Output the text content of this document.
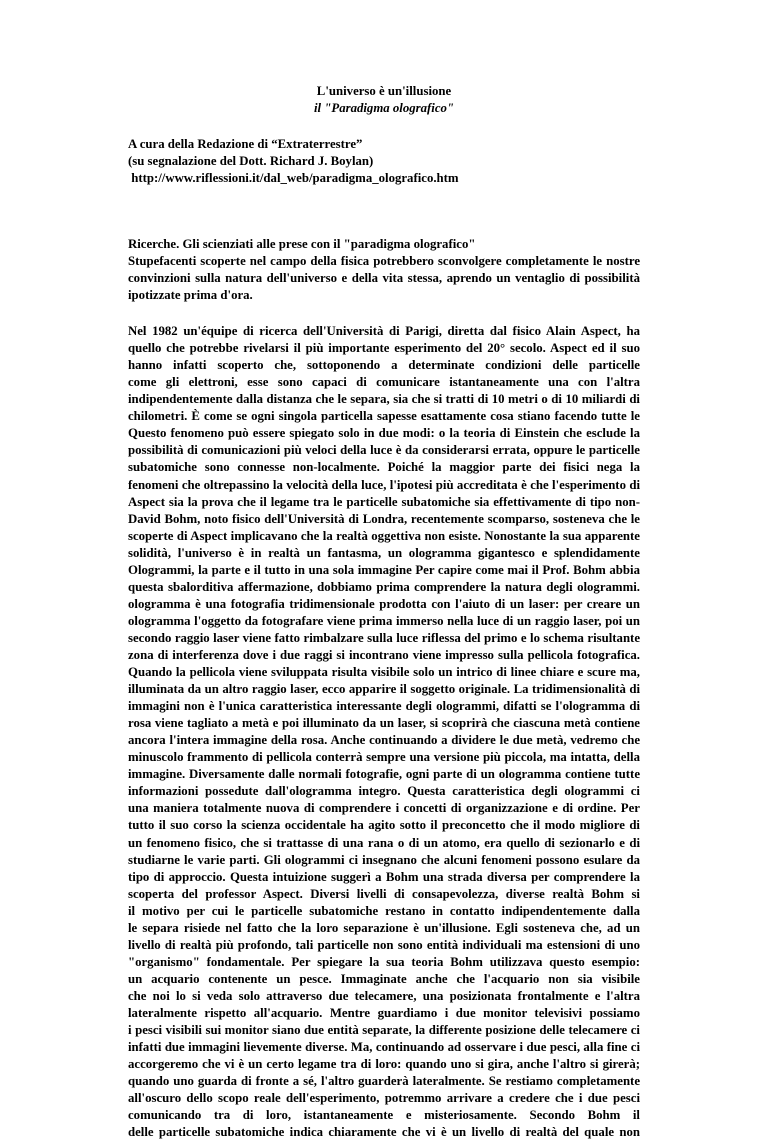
L'universo è un'illusione
il "Paradigma olografico"
A cura della Redazione di “Extraterrestre”
(su segnalazione del Dott. Richard J. Boylan)
http://www.riflessioni.it/dal_web/paradigma_olografico.htm
Ricerche. Gli scienziati alle prese con il "paradigma olografico"
Stupefacenti scoperte nel campo della fisica potrebbero sconvolgere completamente le nostre
convinzioni sulla natura dell'universo e della vita stessa, aprendo un ventaglio di possibilità
ipotizzate prima d'ora.
Nel 1982 un'équipe di ricerca dell'Università di Parigi, diretta dal fisico Alain Aspect, ha
quello che potrebbe rivelarsi il più importante esperimento del 20° secolo. Aspect ed il suo
hanno infatti scoperto che, sottoponendo a determinate condizioni delle particelle
come gli elettroni, esse sono capaci di comunicare istantaneamente una con l'altra
indipendentemente dalla distanza che le separa, sia che si tratti di 10 metri o di 10 miliardi di
chilometri. È come se ogni singola particella sapesse esattamente cosa stiano facendo tutte le
Questo fenomeno può essere spiegato solo in due modi: o la teoria di Einstein che esclude la
possibilità di comunicazioni più veloci della luce è da considerarsi errata, oppure le particelle
subatomiche sono connesse non-localmente. Poiché la maggior parte dei fisici nega la
fenomeni che oltrepassino la velocità della luce, l'ipotesi più accreditata è che l'esperimento di
Aspect sia la prova che il legame tra le particelle subatomiche sia effettivamente di tipo non-
David Bohm, noto fisico dell'Università di Londra, recentemente scomparso, sosteneva che le
scoperte di Aspect implicavano che la realtà oggettiva non esiste. Nonostante la sua apparente
solidità, l'universo è in realtà un fantasma, un ologramma gigantesco e splendidamente
Ologrammi, la parte e il tutto in una sola immagine Per capire come mai il Prof. Bohm abbia
questa sbalorditiva affermazione, dobbiamo prima comprendere la natura degli ologrammi.
ologramma è una fotografia tridimensionale prodotta con l'aiuto di un laser: per creare un
ologramma l'oggetto da fotografare viene prima immerso nella luce di un raggio laser, poi un
secondo raggio laser viene fatto rimbalzare sulla luce riflessa del primo e lo schema risultante
zona di interferenza dove i due raggi si incontrano viene impresso sulla pellicola fotografica.
Quando la pellicola viene sviluppata risulta visibile solo un intrico di linee chiare e scure ma,
illuminata da un altro raggio laser, ecco apparire il soggetto originale. La tridimensionalità di
immagini non è l'unica caratteristica interessante degli ologrammi, difatti se l'ologramma di
rosa viene tagliato a metà e poi illuminato da un laser, si scoprirà che ciascuna metà contiene
ancora l'intera immagine della rosa. Anche continuando a dividere le due metà, vedremo che
minuscolo frammento di pellicola conterrà sempre una versione più piccola, ma intatta, della
immagine. Diversamente dalle normali fotografie, ogni parte di un ologramma contiene tutte
informazioni possedute dall'ologramma integro. Questa caratteristica degli ologrammi ci
una maniera totalmente nuova di comprendere i concetti di organizzazione e di ordine. Per
tutto il suo corso la scienza occidentale ha agito sotto il preconcetto che il modo migliore di
un fenomeno fisico, che si trattasse di una rana o di un atomo, era quello di sezionarlo e di
studiarne le varie parti. Gli ologrammi ci insegnano che alcuni fenomeni possono esulare da
tipo di approccio. Questa intuizione suggerì a Bohm una strada diversa per comprendere la
scoperta del professor Aspect. Diversi livelli di consapevolezza, diverse realtà Bohm si
il motivo per cui le particelle subatomiche restano in contatto indipendentemente dalla
le separa risiede nel fatto che la loro separazione è un'illusione. Egli sosteneva che, ad un
livello di realtà più profondo, tali particelle non sono entità individuali ma estensioni di uno
"organismo" fondamentale. Per spiegare la sua teoria Bohm utilizzava questo esempio:
un acquario contenente un pesce. Immaginate anche che l'acquario non sia visibile
che noi lo si veda solo attraverso due telecamere, una posizionata frontalmente e l'altra
lateralmente rispetto all'acquario. Mentre guardiamo i due monitor televisivi possiamo
i pesci visibili sui monitor siano due entità separate, la differente posizione delle telecamere ci
infatti due immagini lievemente diverse. Ma, continuando ad osservare i due pesci, alla fine ci
accorgeremo che vi è un certo legame tra di loro: quando uno si gira, anche l'altro si girerà;
quando uno guarda di fronte a sé, l'altro guarderà lateralmente. Se restiamo completamente
all'oscuro dello scopo reale dell'esperimento, potremmo arrivare a credere che i due pesci
comunicando tra di loro, istantaneamente e misteriosamente. Secondo Bohm il
delle particelle subatomiche indica chiaramente che vi è un livello di realtà del quale non
